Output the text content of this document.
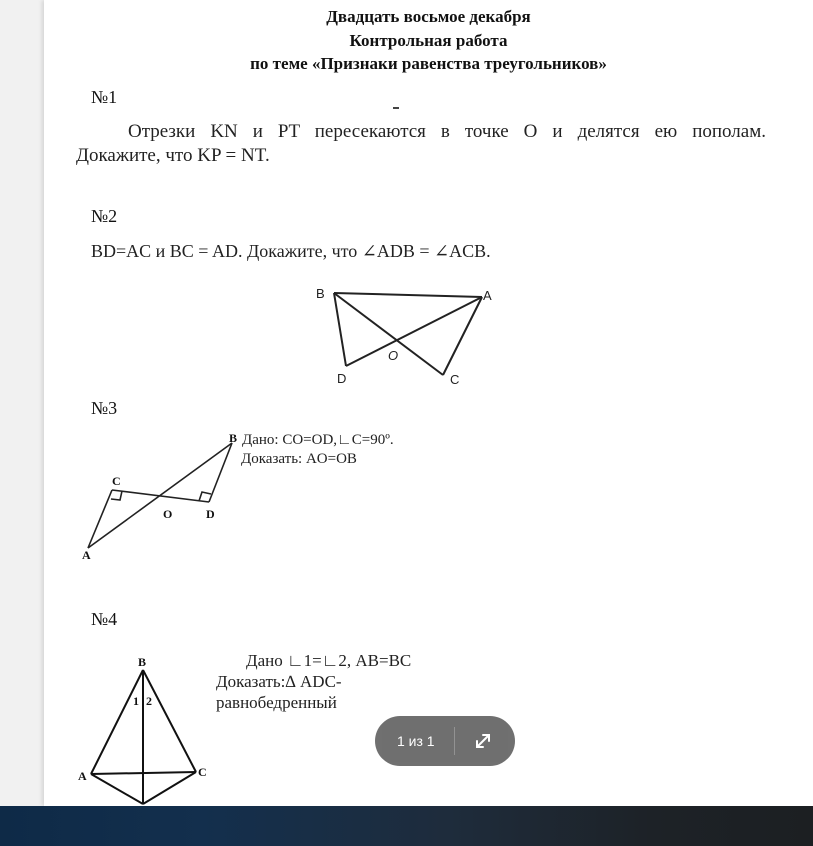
Двадцать восьмое декабря
Контрольная работа
по теме «Признаки равенства треугольников»
№1
Отрезки KN и PT пересекаются в точке O и делятся ею пополам.
Докажите, что KP = NT.
№2
BD=AC и BC = AD. Докажите, что ∠ADB = ∠ACB.
B	A
O
D	C
№3
B
C
O	D
A
Дано: CO=OD,∟C=90º.
Доказать: AO=OB
№4
B
1 2
A	C
Дано ∟1=∟2, AB=BC
Доказать:∆ ADC-
равнобедренный
1 из 1
